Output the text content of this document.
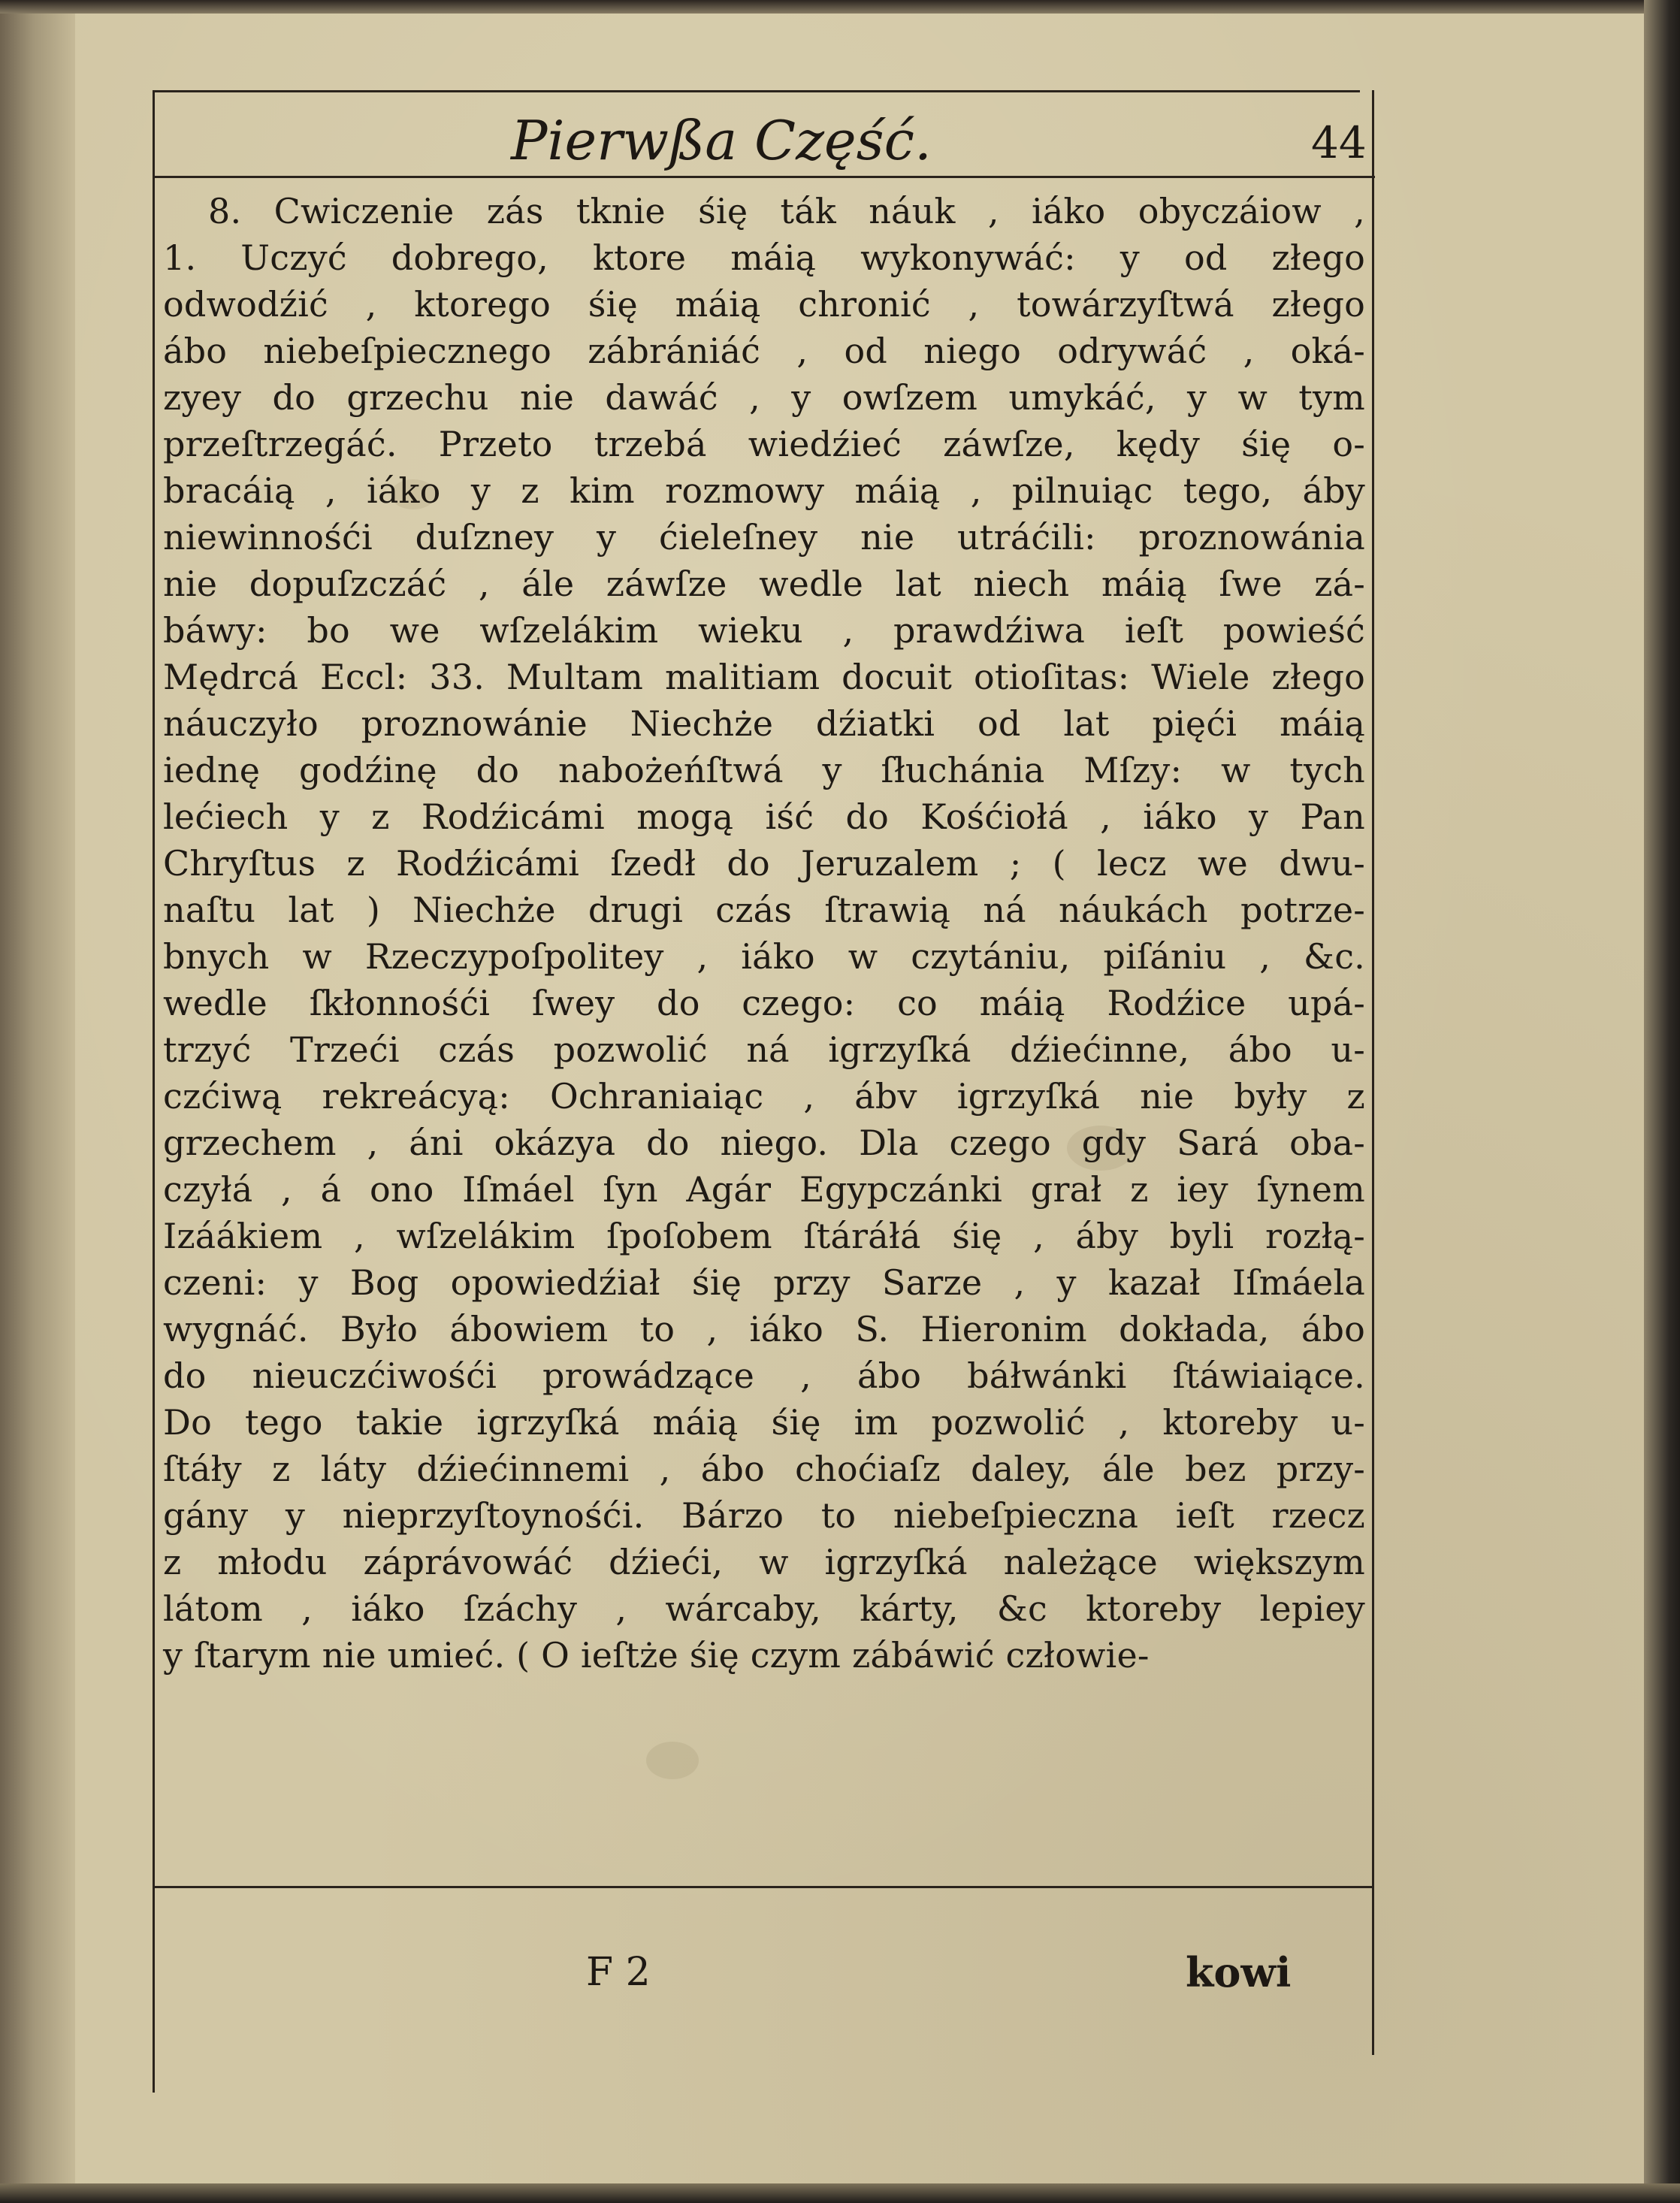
Pierwßa Część.	44
8. Cwiczenie zás tknie śię ták náuk , iáko obyczáiow ,
1. Uczyć dobrego, ktore máią wykonywáć: y od złego
odwodźić , ktorego śię máią chronić , towárzyſtwá złego
ábo niebeſpiecznego zábrániáć , od niego odrywáć , oká-
zyey do grzechu nie dawáć , y owſzem umykáć, y w tym
przeſtrzegáć. Przeto trzebá wiedźieć záwſze, kędy śię o-
bracáią , iáko y z kim rozmowy máią , pilnuiąc tego, áby
niewinnośći duſzney y ćieleſney nie utráćili: proznowánia
nie dopuſzczáć , ále záwſze wedle lat niech máią ſwe zá-
báwy: bo we wſzelákim wieku , prawdźiwa ieſt powieść
Mędrcá Eccl: 33. Multam malitiam docuit otioſitas: Wiele złego
náuczyło proznowánie Niechże dźiatki od lat pięći máią
iednę godźinę do nabożeńſtwá y ſłuchánia Mſzy: w tych
lećiech y z Rodźicámi mogą iść do Kośćiołá , iáko y Pan
Chryſtus z Rodźicámi ſzedł do Jeruzalem ; ( lecz we dwu-
naſtu lat ) Niechże drugi czás ſtrawią ná náukách potrze-
bnych w Rzeczypoſpolitey , iáko w czytániu, piſániu , &c.
wedle ſkłonnośći ſwey do czego: co máią Rodźice upá-
trzyć Trzeći czás pozwolić ná igrzyſká dźiećinne, ábo u-
czćiwą rekreácyą: Ochraniaiąc , ábv igrzyſká nie były z
grzechem , áni okázya do niego. Dla czego gdy Sará oba-
czyłá , á ono Iſmáel ſyn Agár Egypczánki grał z iey ſynem
Izáákiem , wſzelákim ſpoſobem ſtáráłá śię , áby byli rozłą-
czeni: y Bog opowiedźiał śię przy Sarze , y kazał Iſmáela
wygnáć. Było ábowiem to , iáko S. Hieronim dokłada, ábo
do nieuczćiwośći prowádzące , ábo báłwánki ſtáwiaiące.
Do tego takie igrzyſká máią śię im pozwolić , ktoreby u-
ſtáły z láty dźiećinnemi , ábo choćiaſz daley, ále bez przy-
gány y nieprzyſtoynośći. Bárzo to niebeſpieczna ieſt rzecz
z młodu záprávowáć dźieći, w igrzyſká należące większym
látom , iáko ſzáchy , wárcaby, kárty, &c ktoreby lepiey
y ſtarym nie umieć. ( O ieſtże śię czym zábáwić człowie-
F 2	kowi
